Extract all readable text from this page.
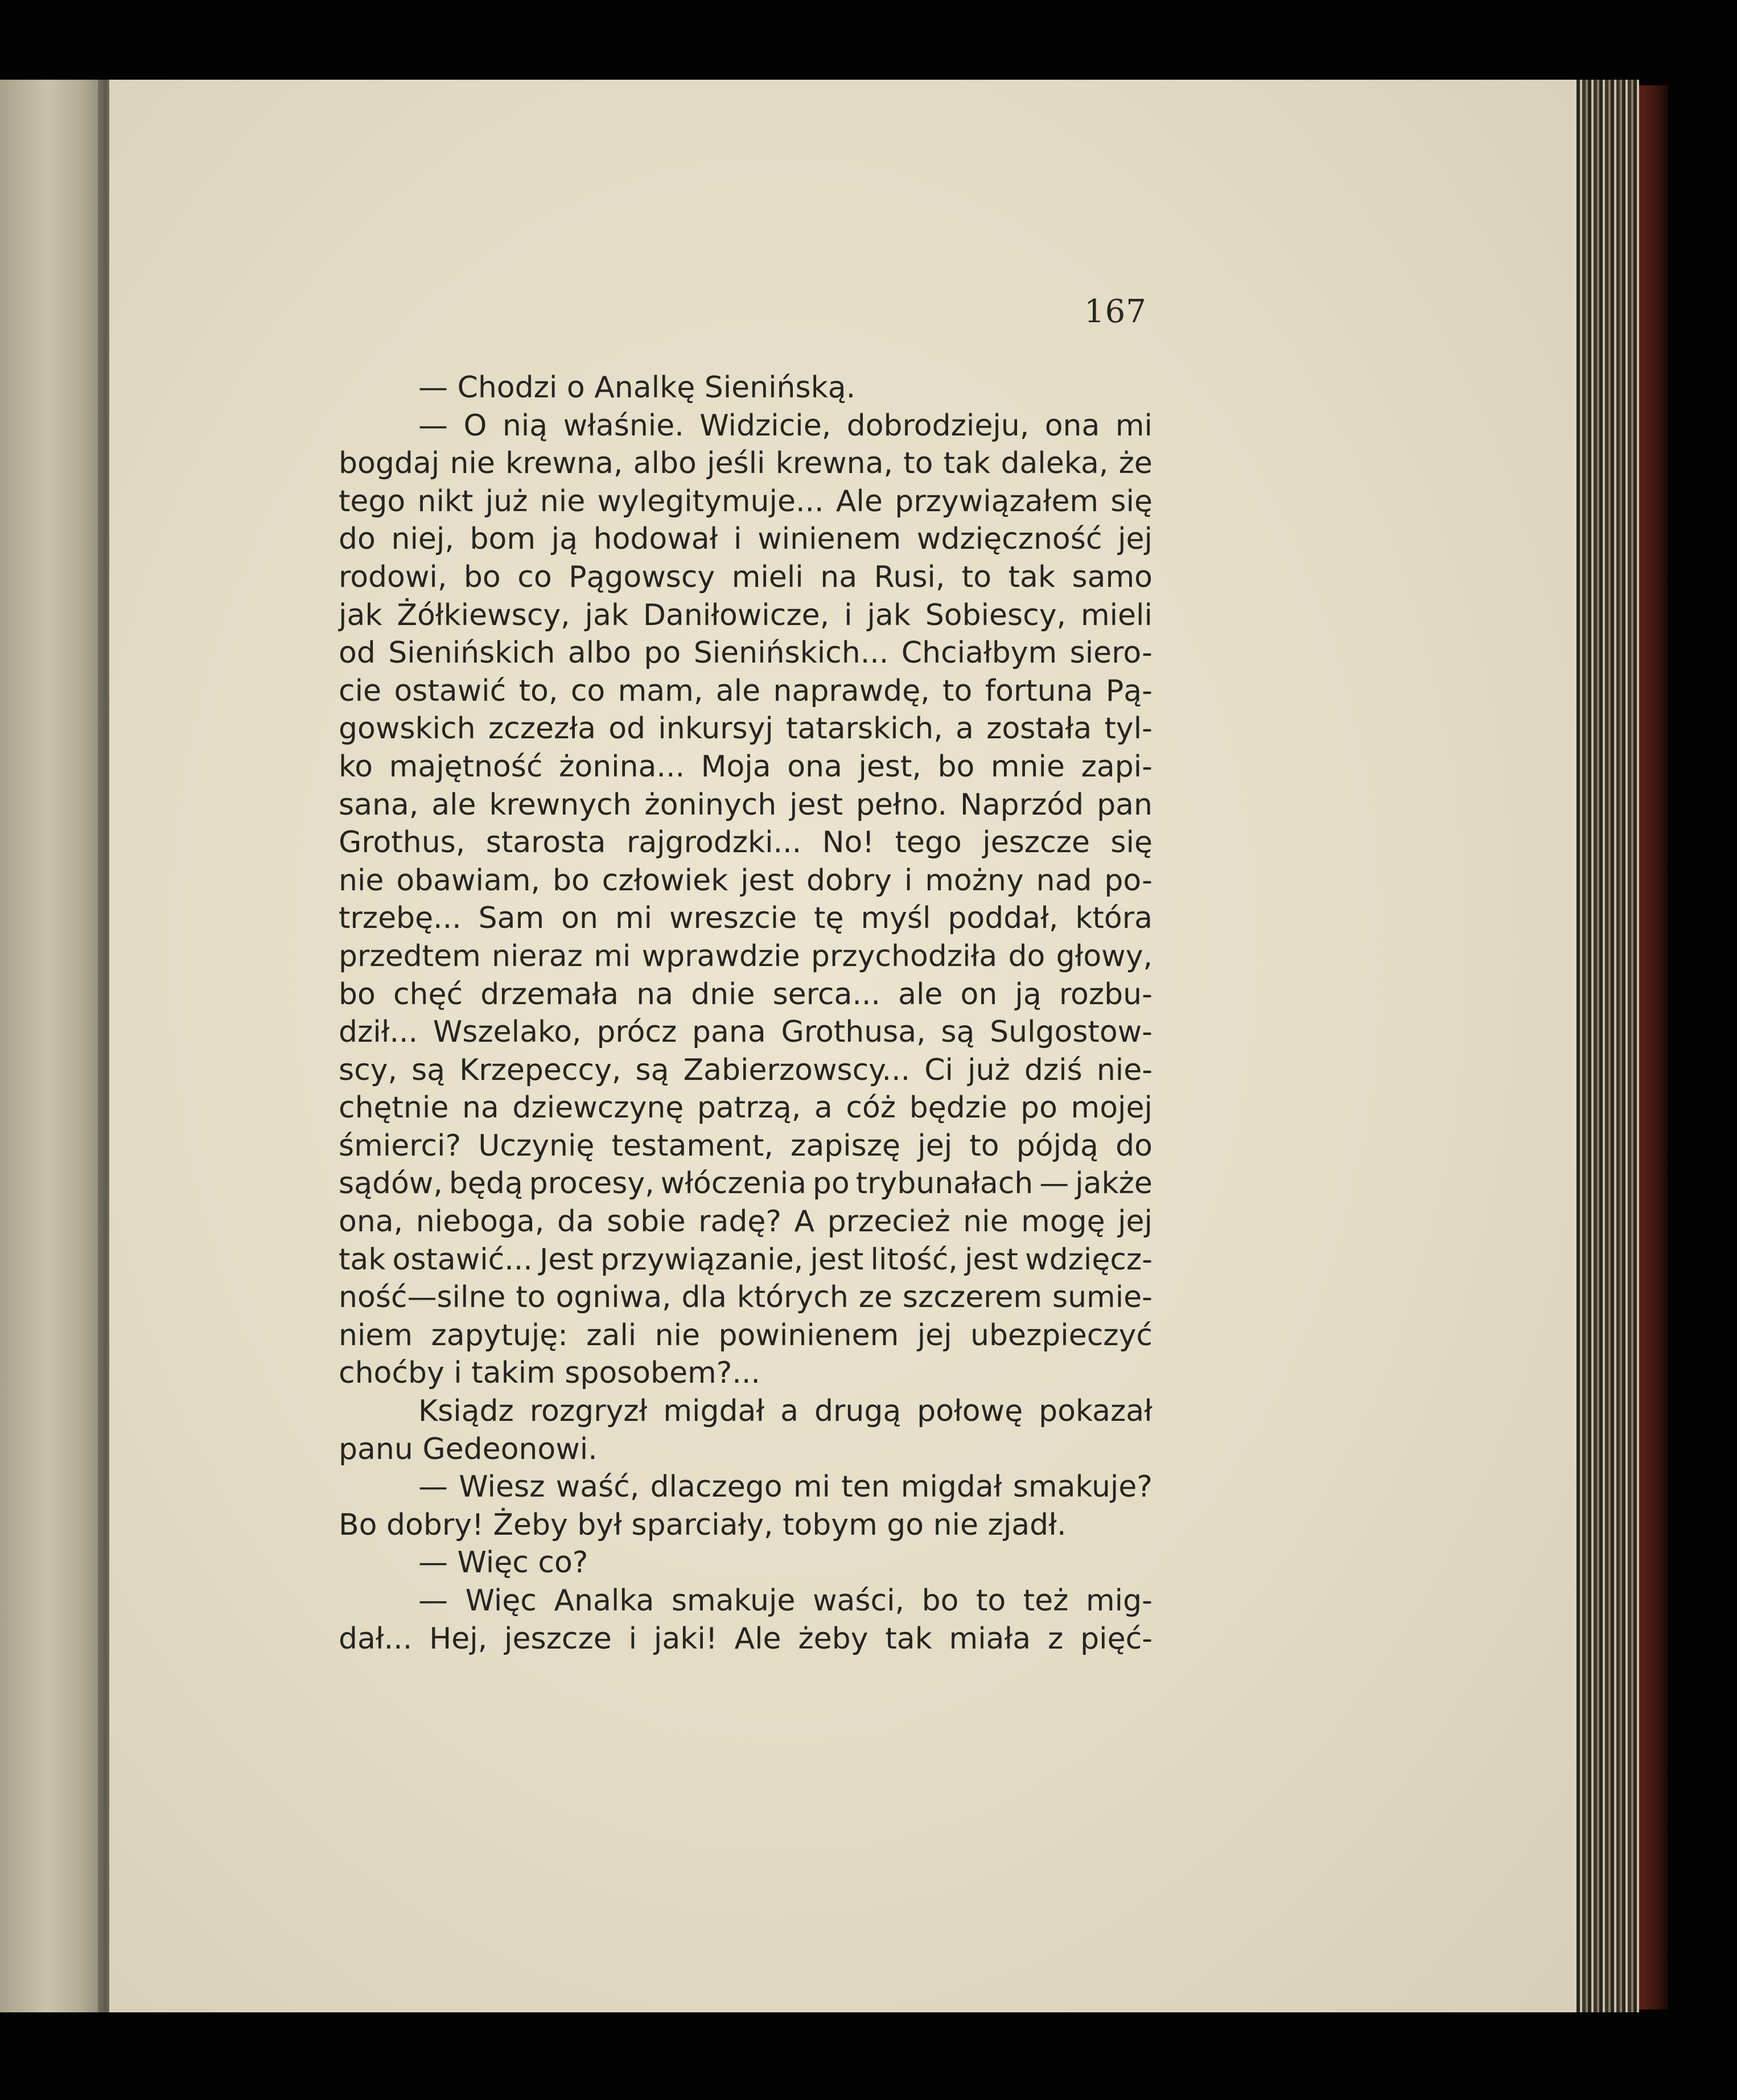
167
— Chodzi o Analkę Sienińską.
— O nią właśnie. Widzicie, dobrodzieju, ona mi
bogdaj nie krewna, albo jeśli krewna, to tak daleka, że
tego nikt już nie wylegitymuje... Ale przywiązałem się
do niej, bom ją hodował i winienem wdzięczność jej
rodowi, bo co Pągowscy mieli na Rusi, to tak samo
jak Żółkiewscy, jak Daniłowicze, i jak Sobiescy, mieli
od Sienińskich albo po Sienińskich... Chciałbym siero-
cie ostawić to, co mam, ale naprawdę, to fortuna Pą-
gowskich zczezła od inkursyj tatarskich, a została tyl-
ko majętność żonina... Moja ona jest, bo mnie zapi-
sana, ale krewnych żoninych jest pełno. Naprzód pan
Grothus, starosta rajgrodzki... No! tego jeszcze się
nie obawiam, bo człowiek jest dobry i możny nad po-
trzebę... Sam on mi wreszcie tę myśl poddał, która
przedtem nieraz mi wprawdzie przychodziła do głowy,
bo chęć drzemała na dnie serca... ale on ją rozbu-
dził... Wszelako, prócz pana Grothusa, są Sulgostow-
scy, są Krzepeccy, są Zabierzowscy... Ci już dziś nie-
chętnie na dziewczynę patrzą, a cóż będzie po mojej
śmierci? Uczynię testament, zapiszę jej to pójdą do
sądów, będą procesy, włóczenia po trybunałach — jakże
ona, nieboga, da sobie radę? A przecież nie mogę jej
tak ostawić... Jest przywiązanie, jest litość, jest wdzięcz-
ność—silne to ogniwa, dla których ze szczerem sumie-
niem zapytuję: zali nie powinienem jej ubezpieczyć
choćby i takim sposobem?...
Ksiądz rozgryzł migdał a drugą połowę pokazał
panu Gedeonowi.
— Wiesz waść, dlaczego mi ten migdał smakuje?
Bo dobry! Żeby był sparciały, tobym go nie zjadł.
— Więc co?
— Więc Analka smakuje waści, bo to też mig-
dał... Hej, jeszcze i jaki! Ale żeby tak miała z pięć-
